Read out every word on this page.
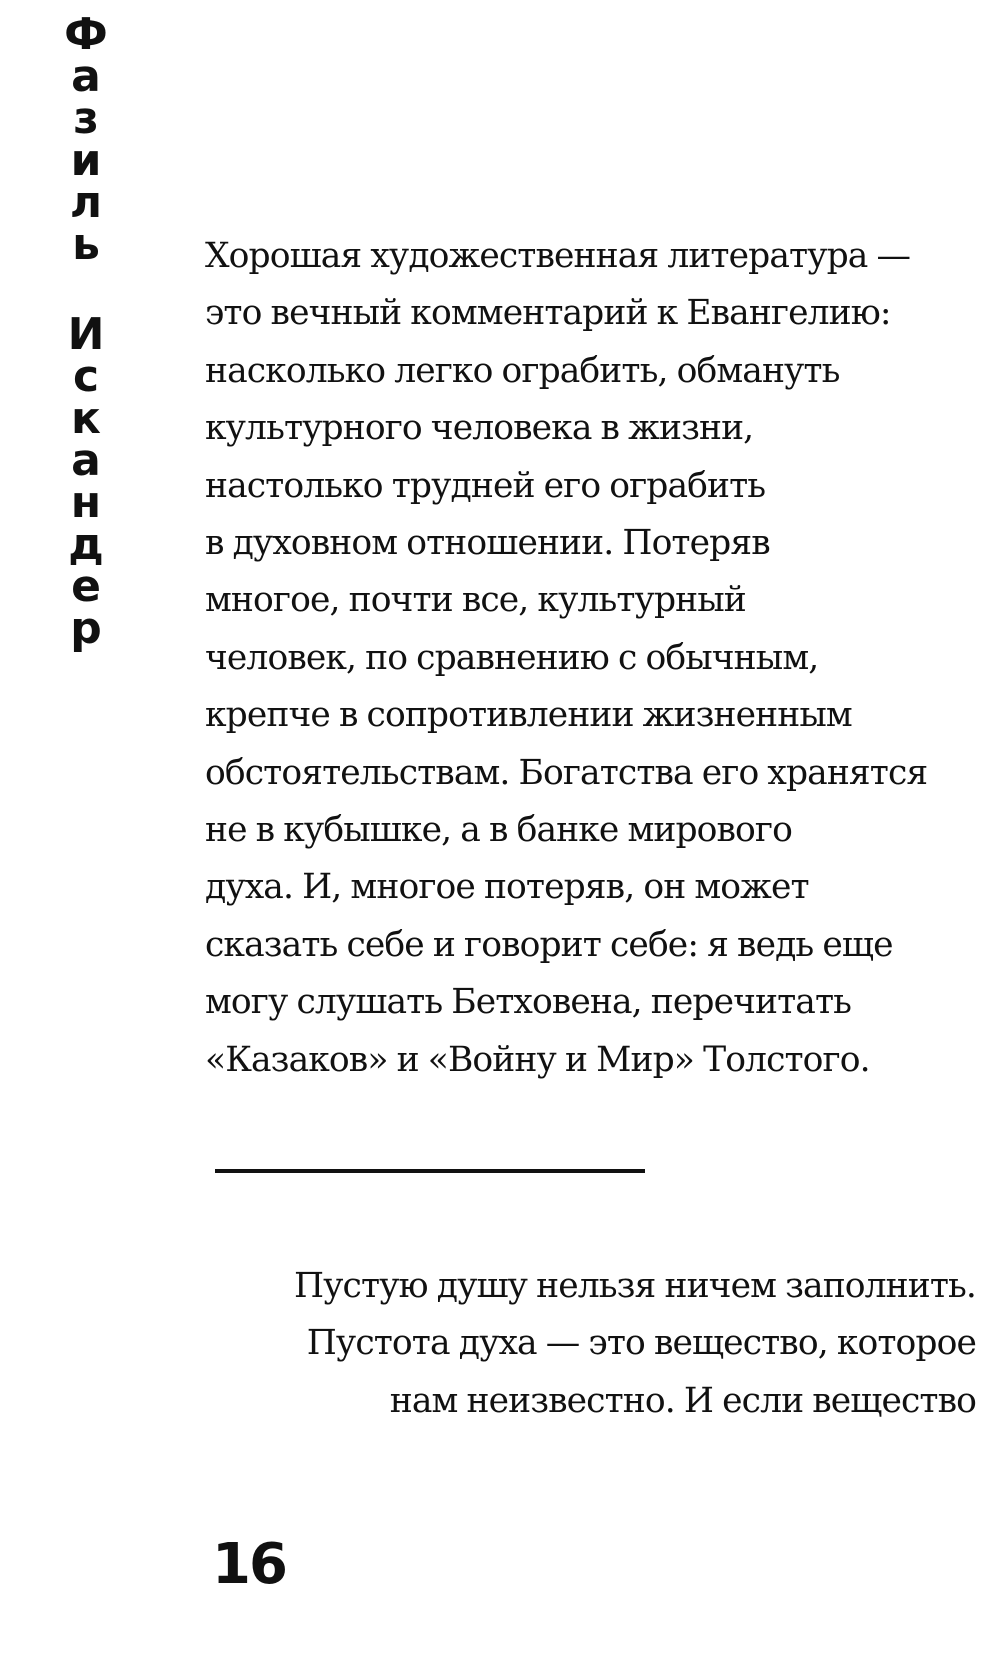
Ф
а
з
и
л
ь
И
с
к
а
н
д
е
р
Хорошая художественная литература —
это вечный комментарий к Евангелию:
насколько легко ограбить, обмануть
культурного человека в жизни,
настолько трудней его ограбить
в духовном отношении. Потеряв
многое, почти все, культурный
человек, по сравнению с обычным,
крепче в сопротивлении жизненным
обстоятельствам. Богатства его хранятся
не в кубышке, а в банке мирового
духа. И, многое потеряв, он может
сказать себе и говорит себе: я ведь еще
могу слушать Бетховена, перечитать
«Казаков» и «Войну и Мир» Толстого.
Пустую душу нельзя ничем заполнить.
Пустота духа — это вещество, которое
нам неизвестно. И если вещество
16
